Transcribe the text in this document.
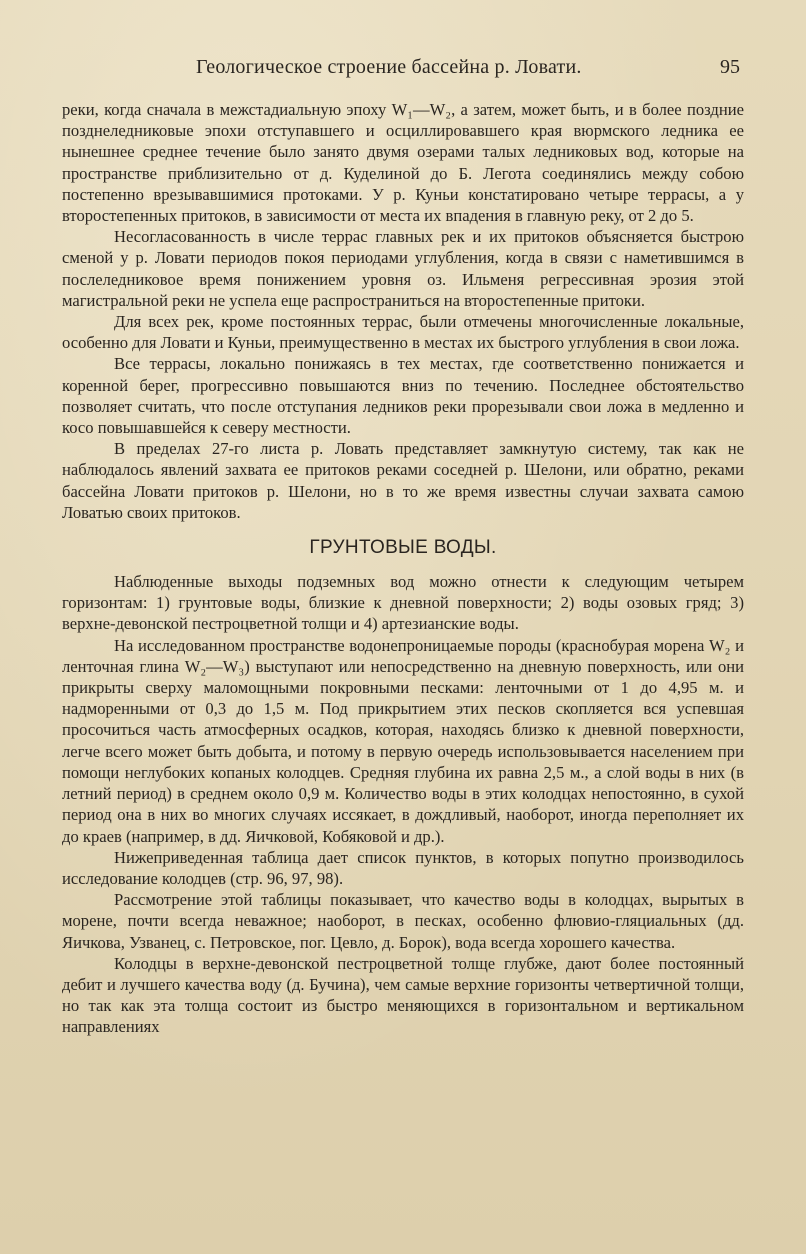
Геологическое строение бассейна р. Ловати.	95

реки, когда сначала в межстадиальную эпоху W₁—W₂, а затем, может быть, и в более поздние позднеледниковые эпохи отступавшего и осциллировавшего края вюрмского ледника ее нынешнее среднее течение было занято двумя озерами талых ледниковых вод, которые на пространстве приблизительно от д. Куделиной до Б. Легота соединялись между собою постепенно врезывавшимися протоками. У р. Куньи констатировано четыре террасы, а у второстепенных притоков, в зависимости от места их впадения в главную реку, от 2 до 5.

Несогласованность в числе террас главных рек и их притоков объясняется быстрою сменой у р. Ловати периодов покоя периодами углубления, когда в связи с наметившимся в послеледниковое время понижением уровня оз. Ильменя регрессивная эрозия этой магистральной реки не успела еще распространиться на второстепенные притоки.

Для всех рек, кроме постоянных террас, были отмечены многочисленные локальные, особенно для Ловати и Куньи, преимущественно в местах их быстрого углубления в свои ложа.

Все террасы, локально понижаясь в тех местах, где соответственно понижается и коренной берег, прогрессивно повышаются вниз по течению. Последнее обстоятельство позволяет считать, что после отступания ледников реки прорезывали свои ложа в медленно и косо повышавшейся к северу местности.

В пределах 27-го листа р. Ловать представляет замкнутую систему, так как не наблюдалось явлений захвата ее притоков реками соседней р. Шелони, или обратно, реками бассейна Ловати притоков р. Шелони, но в то же время известны случаи захвата самою Ловатью своих притоков.

ГРУНТОВЫЕ ВОДЫ.

Наблюденные выходы подземных вод можно отнести к следующим четырем горизонтам: 1) грунтовые воды, близкие к дневной поверхности; 2) воды озовых гряд; 3) верхне-девонской пестроцветной толщи и 4) артезианские воды.

На исследованном пространстве водонепроницаемые породы (краснобурая морена W₂ и ленточная глина W₂—W₃) выступают или непосредственно на дневную поверхность, или они прикрыты сверху маломощными покровными песками: ленточными от 1 до 4,95 м. и надморенными от 0,3 до 1,5 м. Под прикрытием этих песков скопляется вся успевшая просочиться часть атмосферных осадков, которая, находясь близко к дневной поверхности, легче всего может быть добыта, и потому в первую очередь использовывается населением при помощи неглубоких копаных колодцев. Средняя глубина их равна 2,5 м., а слой воды в них (в летний период) в среднем около 0,9 м. Количество воды в этих колодцах непостоянно, в сухой период она в них во многих случаях иссякает, в дождливый, наоборот, иногда переполняет их до краев (например, в дд. Яичковой, Кобяковой и др.).

Нижеприведенная таблица дает список пунктов, в которых попутно производилось исследование колодцев (стр. 96, 97, 98).

Рассмотрение этой таблицы показывает, что качество воды в колодцах, вырытых в морене, почти всегда неважное; наоборот, в песках, особенно флювио-гляциальных (дд. Яичкова, Узванец, с. Петровское, пог. Цевло, д. Борок), вода всегда хорошего качества.

Колодцы в верхне-девонской пестроцветной толще глубже, дают более постоянный дебит и лучшего качества воду (д. Бучина), чем самые верхние горизонты четвертичной толщи, но так как эта толща состоит из быстро меняющихся в горизонтальном и вертикальном направлениях
